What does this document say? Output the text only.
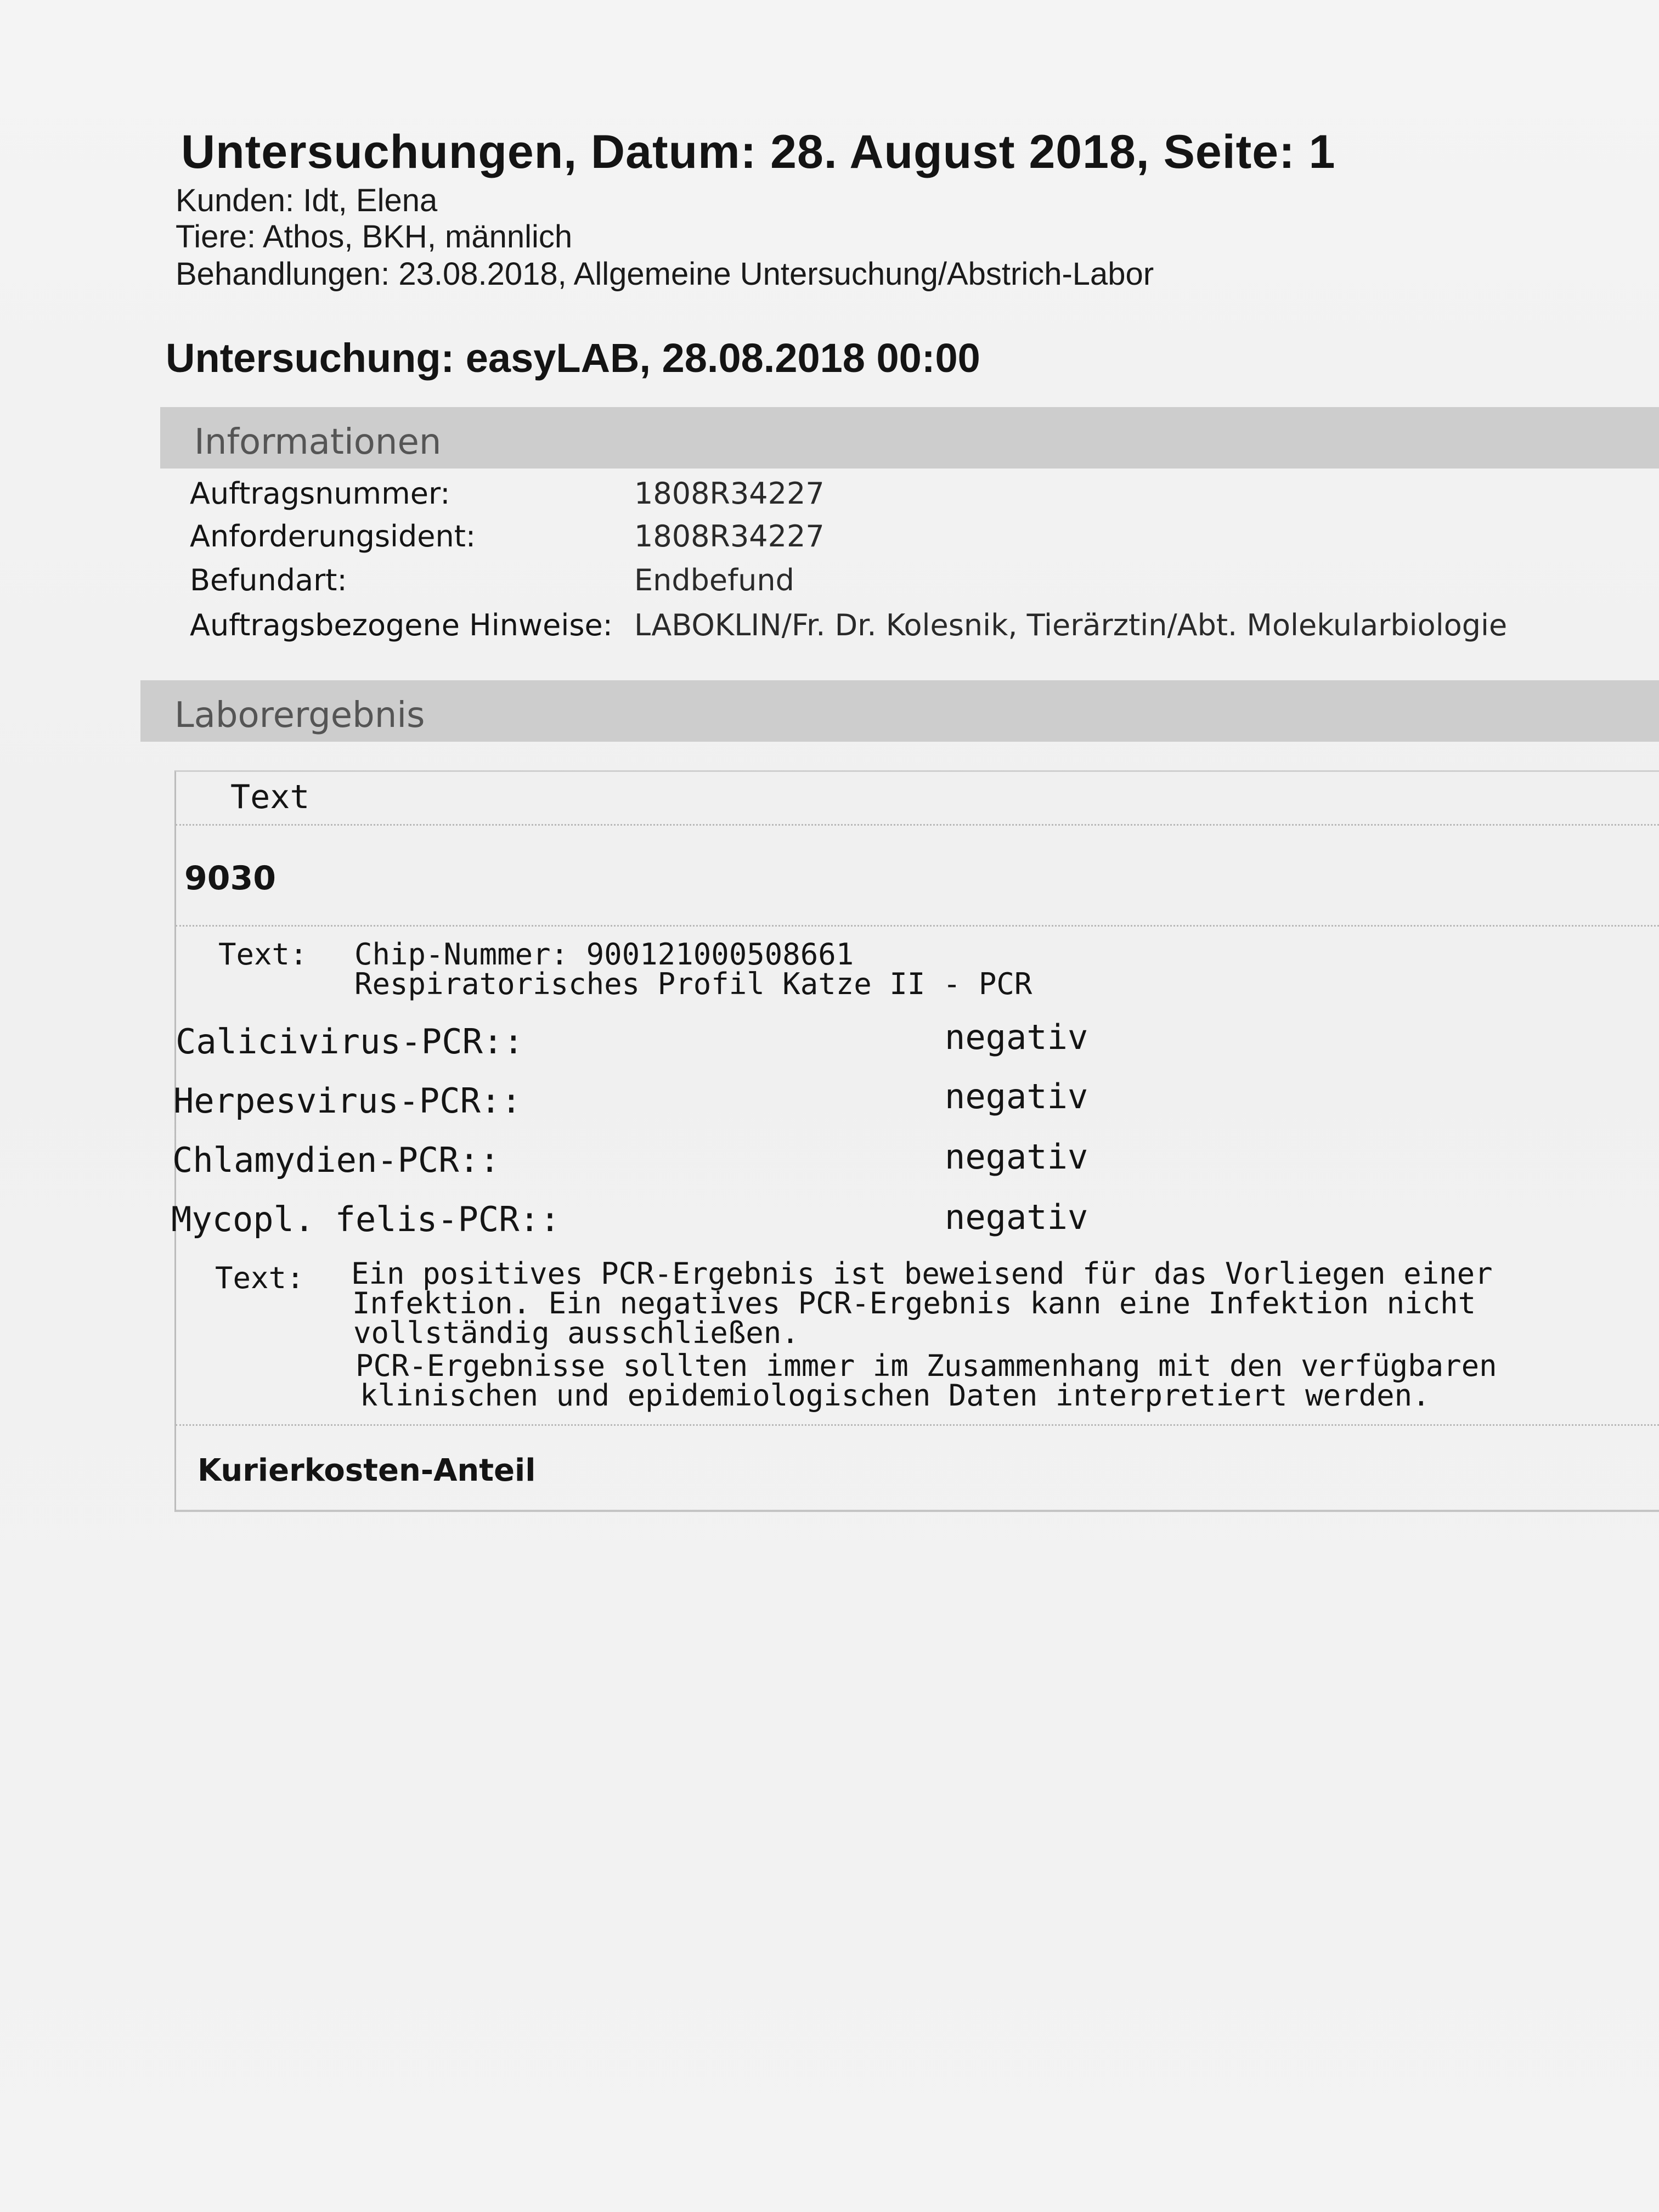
Untersuchungen, Datum: 28. August 2018, Seite: 1
Kunden: Idt, Elena
Tiere: Athos, BKH, männlich
Behandlungen: 23.08.2018, Allgemeine Untersuchung/Abstrich-Labor
Untersuchung: easyLAB, 28.08.2018 00:00
Informationen
Auftragsnummer:	1808R34227
Anforderungsident:	1808R34227
Befundart:	Endbefund
Auftragsbezogene Hinweise: LABOKLIN/Fr. Dr. Kolesnik, Tierärztin/Abt. Molekularbiologie
Laborergebnis
Text
9030
Text: Chip-Nummer: 900121000508661
Respiratorisches Profil Katze II - PCR
Calicivirus-PCR::	negativ
Herpesvirus-PCR::	negativ
Chlamydien-PCR::	negativ
Mycopl. felis-PCR::	negativ
Text: Ein positives PCR-Ergebnis ist beweisend für das Vorliegen einer
Infektion. Ein negatives PCR-Ergebnis kann eine Infektion nicht
vollständig ausschließen.
PCR-Ergebnisse sollten immer im Zusammenhang mit den verfügbaren
klinischen und epidemiologischen Daten interpretiert werden.
Kurierkosten-Anteil
